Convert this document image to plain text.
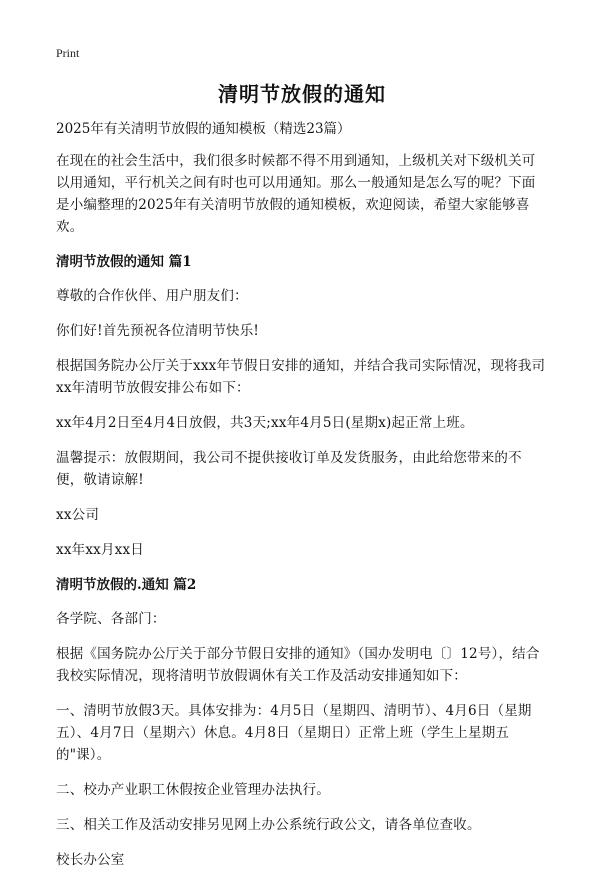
Print
清明节放假的通知

2025年有关清明节放假的通知模板（精选23篇）

在现在的社会生活中，我们很多时候都不得不用到通知，上级机关对下级机关可以用通知，平行机关之间有时也可以用通知。那么一般通知是怎么写的呢？下面是小编整理的2025年有关清明节放假的通知模板，欢迎阅读，希望大家能够喜欢。

清明节放假的通知 篇1

尊敬的合作伙伴、用户朋友们：

你们好!首先预祝各位清明节快乐!

根据国务院办公厅关于xxx年节假日安排的通知，并结合我司实际情况，现将我司xx年清明节放假安排公布如下：

xx年4月2日至4月4日放假，共3天;xx年4月5日(星期x)起正常上班。

温馨提示：放假期间，我公司不提供接收订单及发货服务，由此给您带来的不便，敬请谅解!

xx公司

xx年xx月xx日

清明节放假的.通知 篇2

各学院、各部门：

根据《国务院办公厅关于部分节假日安排的通知》（国办发明电〔〕12号），结合我校实际情况，现将清明节放假调休有关工作及活动安排通知如下：

一、清明节放假3天。具体安排为：4月5日（星期四、清明节）、4月6日（星期五）、4月7日（星期六）休息。4月8日（星期日）正常上班（学生上星期五的"课）。

二、校办产业职工休假按企业管理办法执行。

三、相关工作及活动安排另见网上办公系统行政公文，请各单位查收。

校长办公室
